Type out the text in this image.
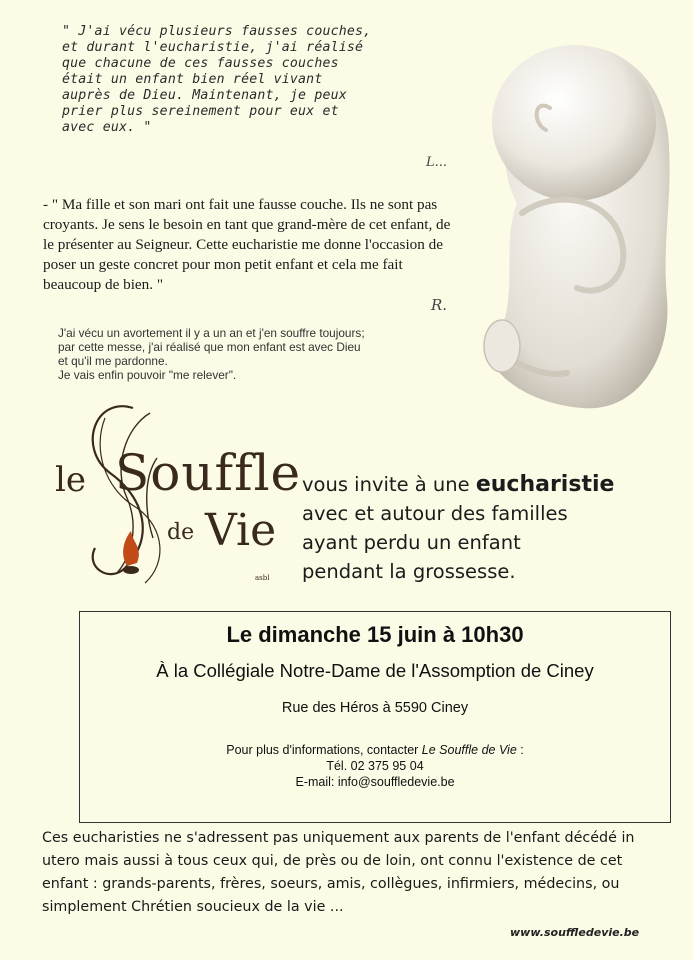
" J'ai vécu plusieurs fausses couches,
et durant l'eucharistie, j'ai réalisé
que chacune de ces fausses couches
était un enfant bien réel vivant
auprès de Dieu. Maintenant, je peux
prier plus sereinement pour eux et
avec eux. "
L...
- " Ma fille et son mari ont fait une fausse couche. Ils ne sont pas croyants. Je sens le besoin en tant que grand-mère de cet enfant, de le présenter au Seigneur. Cette eucharistie me donne l'occasion de poser un geste concret pour mon petit enfant et cela me fait beaucoup de bien. "
R.
J'ai vécu un avortement il y a un an et j'en souffre toujours;
par cette messe, j'ai réalisé que mon enfant est avec Dieu
et qu'il me pardonne.
Je vais enfin pouvoir "me relever".
le Souffle
de Vie
asbl
vous invite à une eucharistie
avec et autour des familles
ayant perdu un enfant
pendant la grossesse.
Le dimanche 15 juin à 10h30
À la Collégiale Notre-Dame de l'Assomption de Ciney
Rue des Héros à 5590 Ciney
Pour plus d'informations, contacter Le Souffle de Vie :
Tél. 02 375 95 04
E-mail: info@souffledevie.be
Ces eucharisties ne s'adressent pas uniquement aux parents de l'enfant décédé in utero mais aussi à tous ceux qui, de près ou de loin, ont connu l'existence de cet enfant : grands-parents, frères, soeurs, amis, collègues, infirmiers, médecins, ou simplement Chrétien soucieux de la vie ...
www.souffledevie.be
